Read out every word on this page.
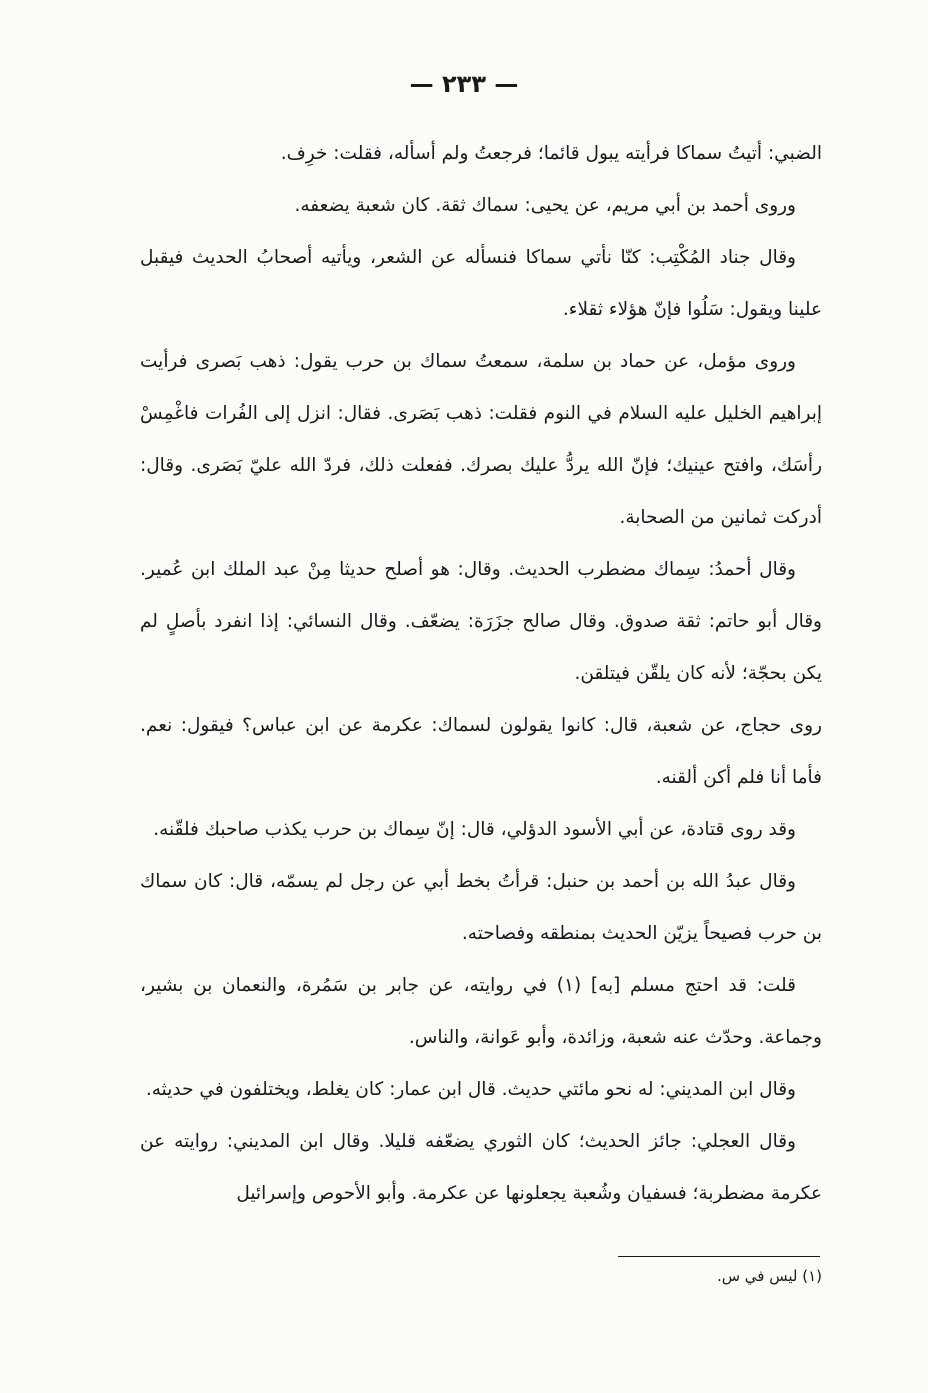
— ٢٣٣ —

الضبي: أتيتُ سماكا فرأيته يبول قائما؛ فرجعتُ ولم أسأله، فقلت: خرِف.

وروى أحمد بن أبي مريم، عن يحيى: سماك ثقة. كان شعبة يضعفه.

وقال جناد المُكْتِب: كنّا نأتي سماكا فنسأله عن الشعر، ويأتيه أصحابُ الحديث فيقبل علينا ويقول: سَلُوا فإنّ هؤلاء ثقلاء.

وروى مؤمل، عن حماد بن سلمة، سمعتُ سماك بن حرب يقول: ذهب بَصرى فرأيت إبراهيم الخليل عليه السلام في النوم فقلت: ذهب بَصَرى. فقال: انزل إلى الفُرات فاغْمِسْ رأسَك، وافتح عينيك؛ فإنّ الله يردُّ عليك بصرك. ففعلت ذلك، فردّ الله عليّ بَصَرى. وقال: أدركت ثمانين من الصحابة.

وقال أحمدُ: سِماك مضطرب الحديث. وقال: هو أصلح حديثا مِنْ عبد الملك ابن عُمير. وقال أبو حاتم: ثقة صدوق. وقال صالح جزَرَة: يضعّف. وقال النسائي: إذا انفرد بأصلٍ لم يكن بحجّة؛ لأنه كان يلقّن فيتلقن.

روى حجاج، عن شعبة، قال: كانوا يقولون لسماك: عكرمة عن ابن عباس؟ فيقول: نعم. فأما أنا فلم أكن ألقنه.

وقد روى قتادة، عن أبي الأسود الدؤلي، قال: إنّ سِماك بن حرب يكذب صاحبك فلقّنه.

وقال عبدُ الله بن أحمد بن حنبل: قرأتُ بخط أبي عن رجل لم يسمّه، قال: كان سماك بن حرب فصيحاً يزيّن الحديث بمنطقه وفصاحته.

قلت: قد احتج مسلم [به] (١) في روايته، عن جابر بن سَمُرة، والنعمان بن بشير، وجماعة. وحدّث عنه شعبة، وزائدة، وأبو عَوانة، والناس.

وقال ابن المديني: له نحو مائتي حديث. قال ابن عمار: كان يغلط، ويختلفون في حديثه.

وقال العجلي: جائز الحديث؛ كان الثوري يضعّفه قليلا. وقال ابن المديني: روايته عن عكرمة مضطربة؛ فسفيان وشُعبة يجعلونها عن عكرمة. وأبو الأحوص وإسرائيل

(١) ليس في س.
